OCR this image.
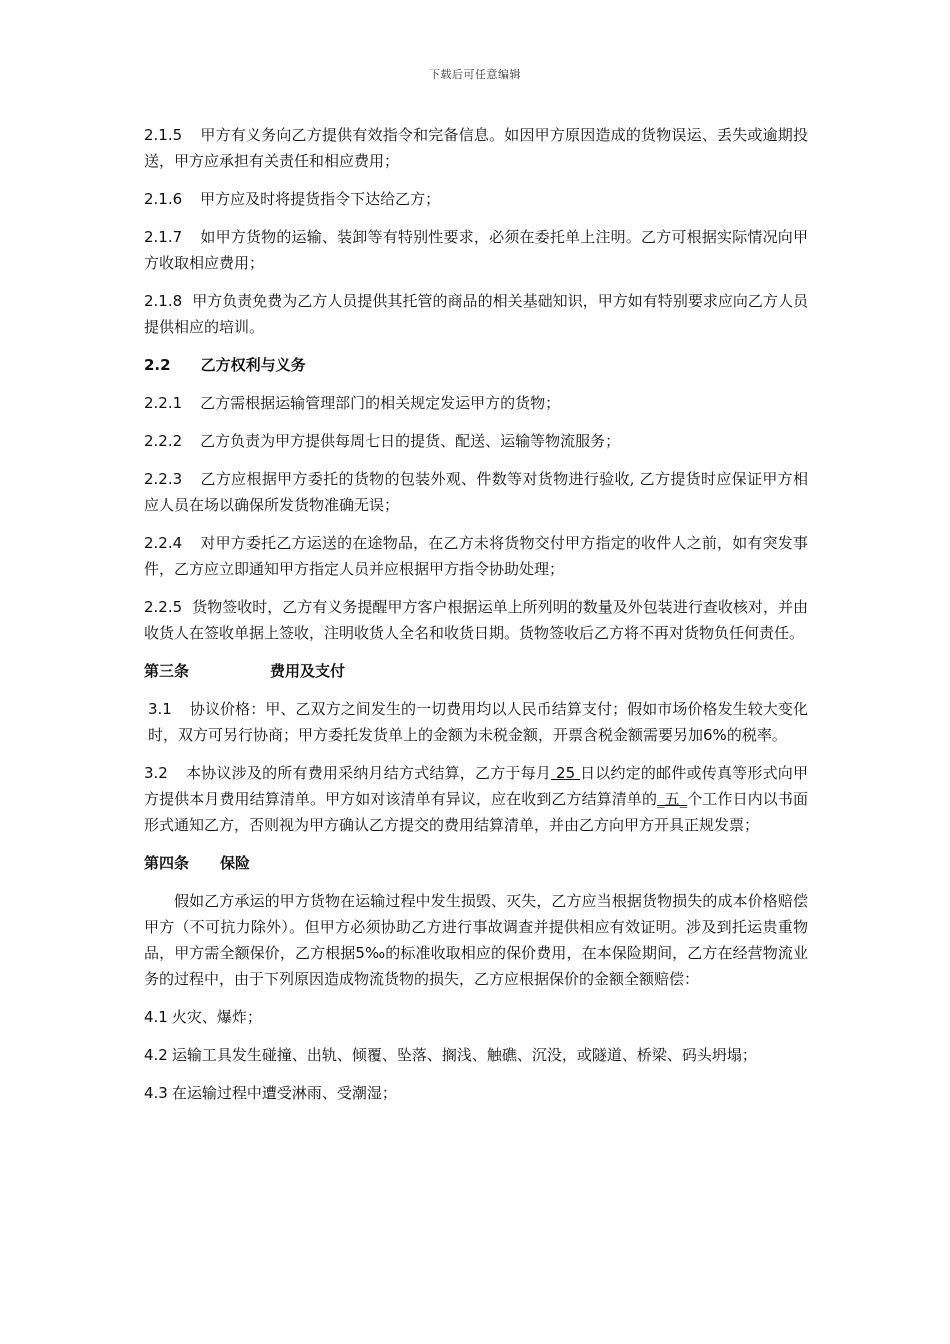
下载后可任意编辑

2.1.5 甲方有义务向乙方提供有效指令和完备信息。如因甲方原因造成的货物误运、丢失或逾期投送，甲方应承担有关责任和相应费用；

2.1.6 甲方应及时将提货指令下达给乙方；

2.1.7 如甲方货物的运输、装卸等有特别性要求，必须在委托单上注明。乙方可根据实际情况向甲方收取相应费用；

2.1.8 甲方负责免费为乙方人员提供其托管的商品的相关基础知识，甲方如有特别要求应向乙方人员提供相应的培训。

2.2 乙方权利与义务

2.2.1 乙方需根据运输管理部门的相关规定发运甲方的货物；

2.2.2 乙方负责为甲方提供每周七日的提货、配送、运输等物流服务；

2.2.3 乙方应根据甲方委托的货物的包装外观、件数等对货物进行验收, 乙方提货时应保证甲方相应人员在场以确保所发货物准确无误；

2.2.4 对甲方委托乙方运送的在途物品，在乙方未将货物交付甲方指定的收件人之前，如有突发事件，乙方应立即通知甲方指定人员并应根据甲方指令协助处理；

2.2.5 货物签收时，乙方有义务提醒甲方客户根据运单上所列明的数量及外包装进行查收核对，并由收货人在签收单据上签收，注明收货人全名和收货日期。货物签收后乙方将不再对货物负任何责任。

第三条	费用及支付

3.1 协议价格：甲、乙双方之间发生的一切费用均以人民币结算支付；假如市场价格发生较大变化时，双方可另行协商；甲方委托发货单上的金额为未税金额，开票含税金额需要另加6%的税率。

3.2 本协议涉及的所有费用采纳月结方式结算，乙方于每月 25 日以约定的邮件或传真等形式向甲方提供本月费用结算清单。甲方如对该清单有异议，应在收到乙方结算清单的_五_个工作日内以书面形式通知乙方，否则视为甲方确认乙方提交的费用结算清单，并由乙方向甲方开具正规发票；

第四条 保险

假如乙方承运的甲方货物在运输过程中发生损毁、灭失，乙方应当根据货物损失的成本价格赔偿甲方（不可抗力除外）。但甲方必须协助乙方进行事故调查并提供相应有效证明。涉及到托运贵重物品，甲方需全额保价，乙方根据5‰的标准收取相应的保价费用，在本保险期间，乙方在经营物流业务的过程中，由于下列原因造成物流货物的损失，乙方应根据保价的金额全额赔偿：

4.1 火灾、爆炸；

4.2 运输工具发生碰撞、出轨、倾覆、坠落、搁浅、触礁、沉没，或隧道、桥梁、码头坍塌；

4.3 在运输过程中遭受淋雨、受潮湿；
